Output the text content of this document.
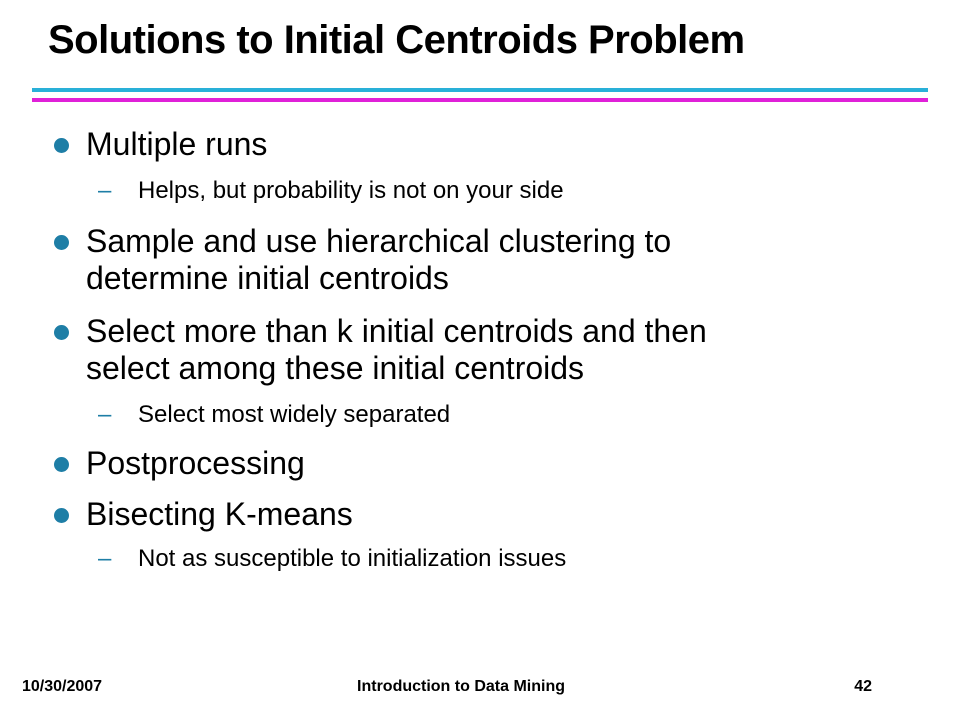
Solutions to Initial Centroids Problem
Multiple runs
– Helps, but probability is not on your side
Sample and use hierarchical clustering to
determine initial centroids
Select more than k initial centroids and then
select among these initial centroids
– Select most widely separated
Postprocessing
Bisecting K-means
– Not as susceptible to initialization issues
10/30/2007	Introduction to Data Mining	42
